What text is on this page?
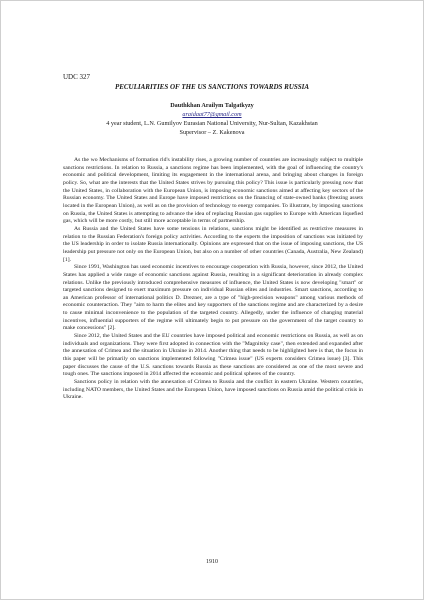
UDC 327
PECULIARITIES OF THE US SANCTIONS TOWARDS RUSSIA
Dauthkhan Arailym Talgatkyzy
araidaat77@gmail.com
4 year student, L.N. Gumilyov Eurasian National University, Nur-Sultan, Kazakhstan
Supervisor – Z. Kakenova

As the wo Mechanisms of formation rld's instability rises, a growing number of countries are increasingly subject to multiple sanctions restrictions. In relation to Russia, a sanctions regime has been implemented, with the goal of influencing the country's economic and political development, limiting its engagement in the international arena, and bringing about changes in foreign policy. So, what are the interests that the United States strives by pursuing this policy? This issue is particularly pressing now that the United States, in collaboration with the European Union, is imposing economic sanctions aimed at affecting key sectors of the Russian economy. The United States and Europe have imposed restrictions on the financing of state-owned banks (freezing assets located in the European Union), as well as on the provision of technology to energy companies. To illustrate, by imposing sanctions on Russia, the United States is attempting to advance the idea of replacing Russian gas supplies to Europe with American liquefied gas, which will be more costly, but still more acceptable in terms of partnership.

As Russia and the United States have some tensions in relations, sanctions might be identified as restrictive measures in relation to the Russian Federation's foreign policy activities. According to the experts the imposition of sanctions was initiated by the US leadership in order to isolate Russia internationally. Opinions are expressed that on the issue of imposing sanctions, the US leadership put pressure not only on the European Union, but also on a number of other countries (Canada, Australia, New Zealand) [1].

Since 1991, Washington has used economic incentives to encourage cooperation with Russia, however, since 2012, the United States has applied a wide range of economic sanctions against Russia, resulting in a significant deterioration in already complex relations. Unlike the previously introduced comprehensive measures of influence, the United States is now developing "smart" or targeted sanctions designed to exert maximum pressure on individual Russian elites and industries. Smart sanctions, according to an American professor of international politics D. Drezner, are a type of "high-precision weapons" among various methods of economic counteraction. They "aim to harm the elites and key supporters of the sanctions regime and are characterized by a desire to cause minimal inconvenience to the population of the targeted country. Allegedly, under the influence of changing material incentives, influential supporters of the regime will ultimately begin to put pressure on the government of the target country to make concessions" [2].

Since 2012, the United States and the EU countries have imposed political and economic restrictions on Russia, as well as on individuals and organizations. They were first adopted in connection with the "Magnitsky case", then extended and expanded after the annexation of Crimea and the situation in Ukraine in 2014. Another thing that needs to be highlighted here is that, the focus in this paper will be primarily on sanctions implemented following "Crimea issue" (US experts considers Crimea issue) [3]. This paper discusses the cause of the U.S. sanctions towards Russia as these sanctions are considered as one of the most severe and tough ones. The sanctions imposed in 2014 affected the economic and political spheres of the country.

Sanctions policy in relation with the annexation of Crimea to Russia and the conflict in eastern Ukraine. Western countries, including NATO members, the United States and the European Union, have imposed sanctions on Russia amid the political crisis in Ukraine.

1910
